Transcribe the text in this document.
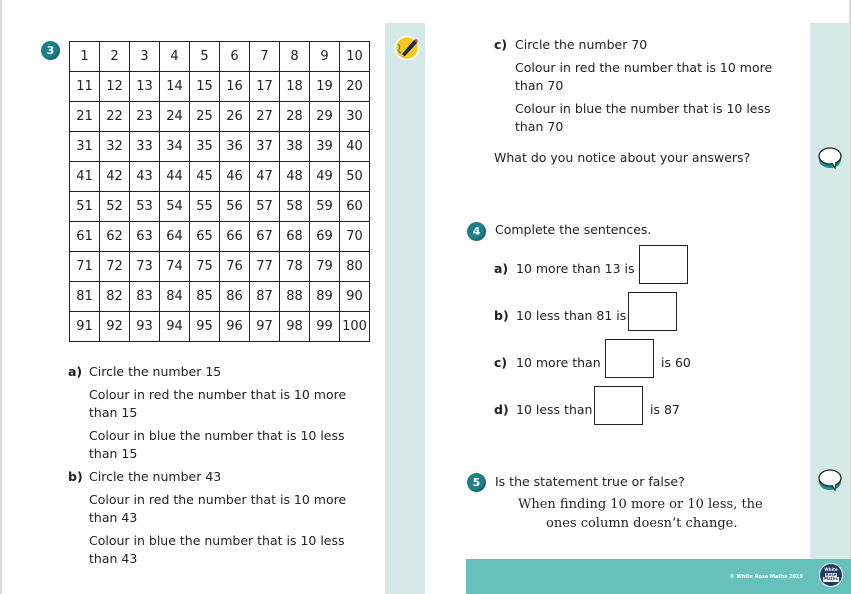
3	1	2	3	4	5	6	7	8	9	10
11	12	13	14	15	16	17	18	19	20
21	22	23	24	25	26	27	28	29	30
31	32	33	34	35	36	37	38	39	40
41	42	43	44	45	46	47	48	49	50
51	52	53	54	55	56	57	58	59	60
61	62	63	64	65	66	67	68	69	70
71	72	73	74	75	76	77	78	79	80
81	82	83	84	85	86	87	88	89	90
91	92	93	94	95	96	97	98	99	100
a) Circle the number 15
Colour in red the number that is 10 more
than 15
Colour in blue the number that is 10 less
than 15
b) Circle the number 43
Colour in red the number that is 10 more
than 43
Colour in blue the number that is 10 less
than 43
c) Circle the number 70
Colour in red the number that is 10 more
than 70
Colour in blue the number that is 10 less
than 70
What do you notice about your answers?
4	Complete the sentences.
a) 10 more than 13 is
b) 10 less than 81 is
c) 10 more than	is 60
d) 10 less than	is 87
5	Is the statement true or false?
When finding 10 more or 10 less, the
ones column doesn’t change.
© White Rose Maths 2019
White
Rose
Maths
